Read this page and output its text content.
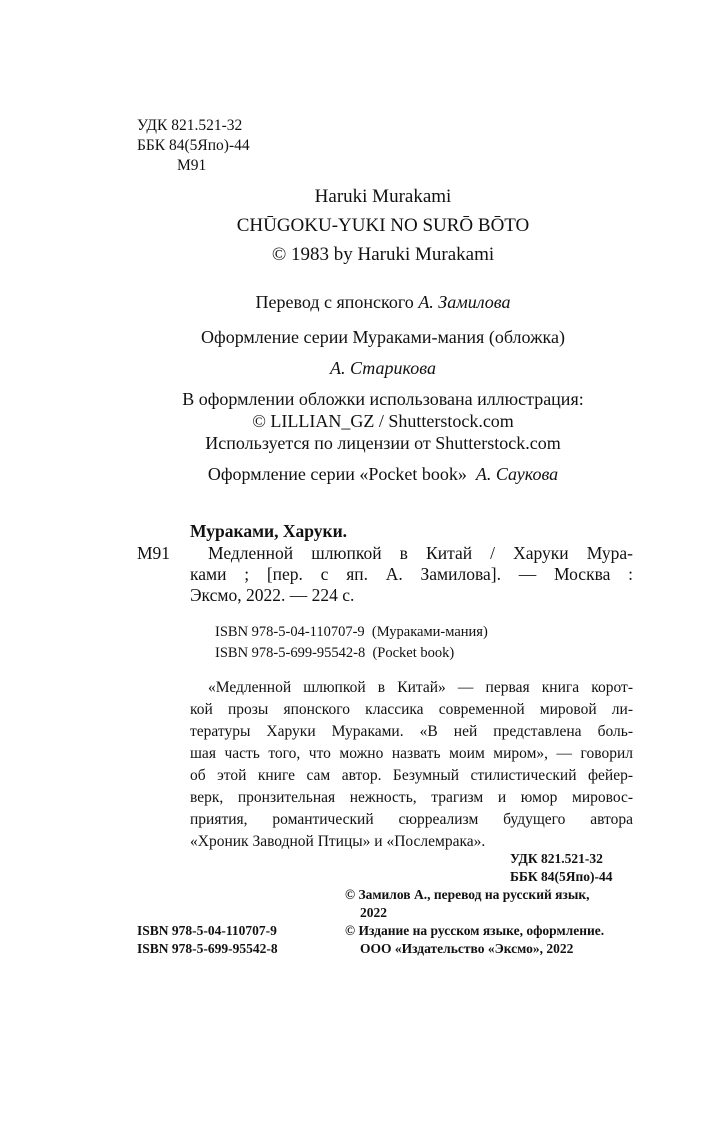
УДК 821.521-32
ББК 84(5Япо)-44
М91
Haruki Murakami
CHŪGOKU-YUKI NO SURŌ BŌTO
© 1983 by Haruki Murakami
Перевод с японского А. Замилова
Оформление серии Мураками-мания (обложка)
А. Старикова
В оформлении обложки использована иллюстрация:
© LILLIAN_GZ / Shutterstock.com
Используется по лицензии от Shutterstock.com
Оформление серии «Pocket book» А. Саукова
Мураками, Харуки.
М91 Медленной шлюпкой в Китай / Харуки Мура-
ками ; [пер. с яп. А. Замилова]. — Москва :
Эксмо, 2022. — 224 с.
ISBN 978-5-04-110707-9  (Мураками-мания)
ISBN 978-5-699-95542-8  (Pocket book)
«Медленной шлюпкой в Китай» — первая книга корот-
кой прозы японского классика современной мировой ли-
тературы Харуки Мураками. «В ней представлена боль-
шая часть того, что можно назвать моим миром», — говорил
об этой книге сам автор. Безумный стилистический фейер-
верк, пронзительная нежность, трагизм и юмор мировос-
приятия, романтический сюрреализм будущего автора
«Хроник Заводной Птицы» и «Послемрака».
УДК 821.521-32
ББК 84(5Япо)-44
© Замилов А., перевод на русский язык,
2022
© Издание на русском языке, оформление.
ООО «Издательство «Эксмо», 2022
ISBN 978-5-04-110707-9
ISBN 978-5-699-95542-8
